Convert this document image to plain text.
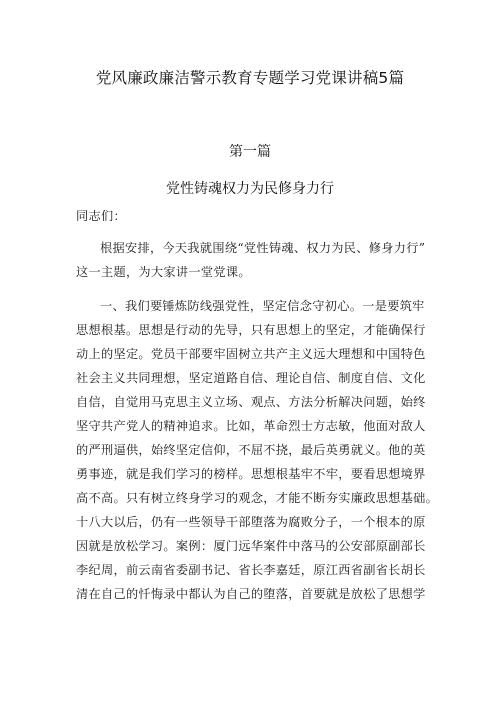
党风廉政廉洁警示教育专题学习党课讲稿5篇
第一篇
党性铸魂权力为民修身力行
同志们：
根据安排，今天我就围绕“党性铸魂、权力为民、修身力行”
这一主题，为大家讲一堂党课。
一、我们要锤炼防线强党性，坚定信念守初心。一是要筑牢
思想根基。思想是行动的先导，只有思想上的坚定，才能确保行
动上的坚定。党员干部要牢固树立共产主义远大理想和中国特色
社会主义共同理想，坚定道路自信、理论自信、制度自信、文化
自信，自觉用马克思主义立场、观点、方法分析解决问题，始终
坚守共产党人的精神追求。比如，革命烈士方志敏，他面对敌人
的严刑逼供，始终坚定信仰，不屈不挠，最后英勇就义。他的英
勇事迹，就是我们学习的榜样。思想根基牢不牢，要看思想境界
高不高。只有树立终身学习的观念，才能不断夯实廉政思想基础。
十八大以后，仍有一些领导干部堕落为腐败分子，一个根本的原
因就是放松学习。案例：厦门远华案件中落马的公安部原副部长
李纪周，前云南省委副书记、省长李嘉廷，原江西省副省长胡长
清在自己的忏悔录中都认为自己的堕落，首要就是放松了思想学
